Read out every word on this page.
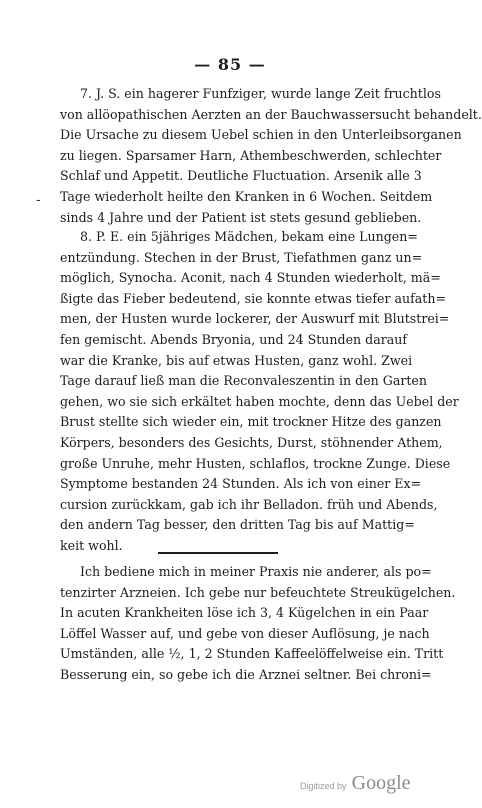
— 85 —
-
7. J. S. ein hagerer Funfziger, wurde lange Zeit fruchtlos
von allöopathischen Aerzten an der Bauchwassersucht behandelt.
Die Ursache zu diesem Uebel schien in den Unterleibsorganen
zu liegen. Sparsamer Harn, Athembeschwerden, schlechter
Schlaf und Appetit. Deutliche Fluctuation. Arsenik alle 3
Tage wiederholt heilte den Kranken in 6 Wochen. Seitdem
sinds 4 Jahre und der Patient ist stets gesund geblieben.
8. P. E. ein 5jähriges Mädchen, bekam eine Lungen=
entzündung. Stechen in der Brust, Tiefathmen ganz un=
möglich, Synocha. Aconit, nach 4 Stunden wiederholt, mä=
ßigte das Fieber bedeutend, sie konnte etwas tiefer aufath=
men, der Husten wurde lockerer, der Auswurf mit Blutstrei=
fen gemischt. Abends Bryonia, und 24 Stunden darauf
war die Kranke, bis auf etwas Husten, ganz wohl. Zwei
Tage darauf ließ man die Reconvaleszentin in den Garten
gehen, wo sie sich erkältet haben mochte, denn das Uebel der
Brust stellte sich wieder ein, mit trockner Hitze des ganzen
Körpers, besonders des Gesichts, Durst, stöhnender Athem,
große Unruhe, mehr Husten, schlaflos, trockne Zunge. Diese
Symptome bestanden 24 Stunden. Als ich von einer Ex=
cursion zurückkam, gab ich ihr Belladon. früh und Abends,
den andern Tag besser, den dritten Tag bis auf Mattig=
keit wohl.
Ich bediene mich in meiner Praxis nie anderer, als po=
tenzirter Arzneien. Ich gebe nur befeuchtete Streukügelchen.
In acuten Krankheiten löse ich 3, 4 Kügelchen in ein Paar
Löffel Wasser auf, und gebe von dieser Auflösung, je nach
Umständen, alle ½, 1, 2 Stunden Kaffeelöffelweise ein. Tritt
Besserung ein, so gebe ich die Arznei seltner. Bei chroni=
Digitized by Google
